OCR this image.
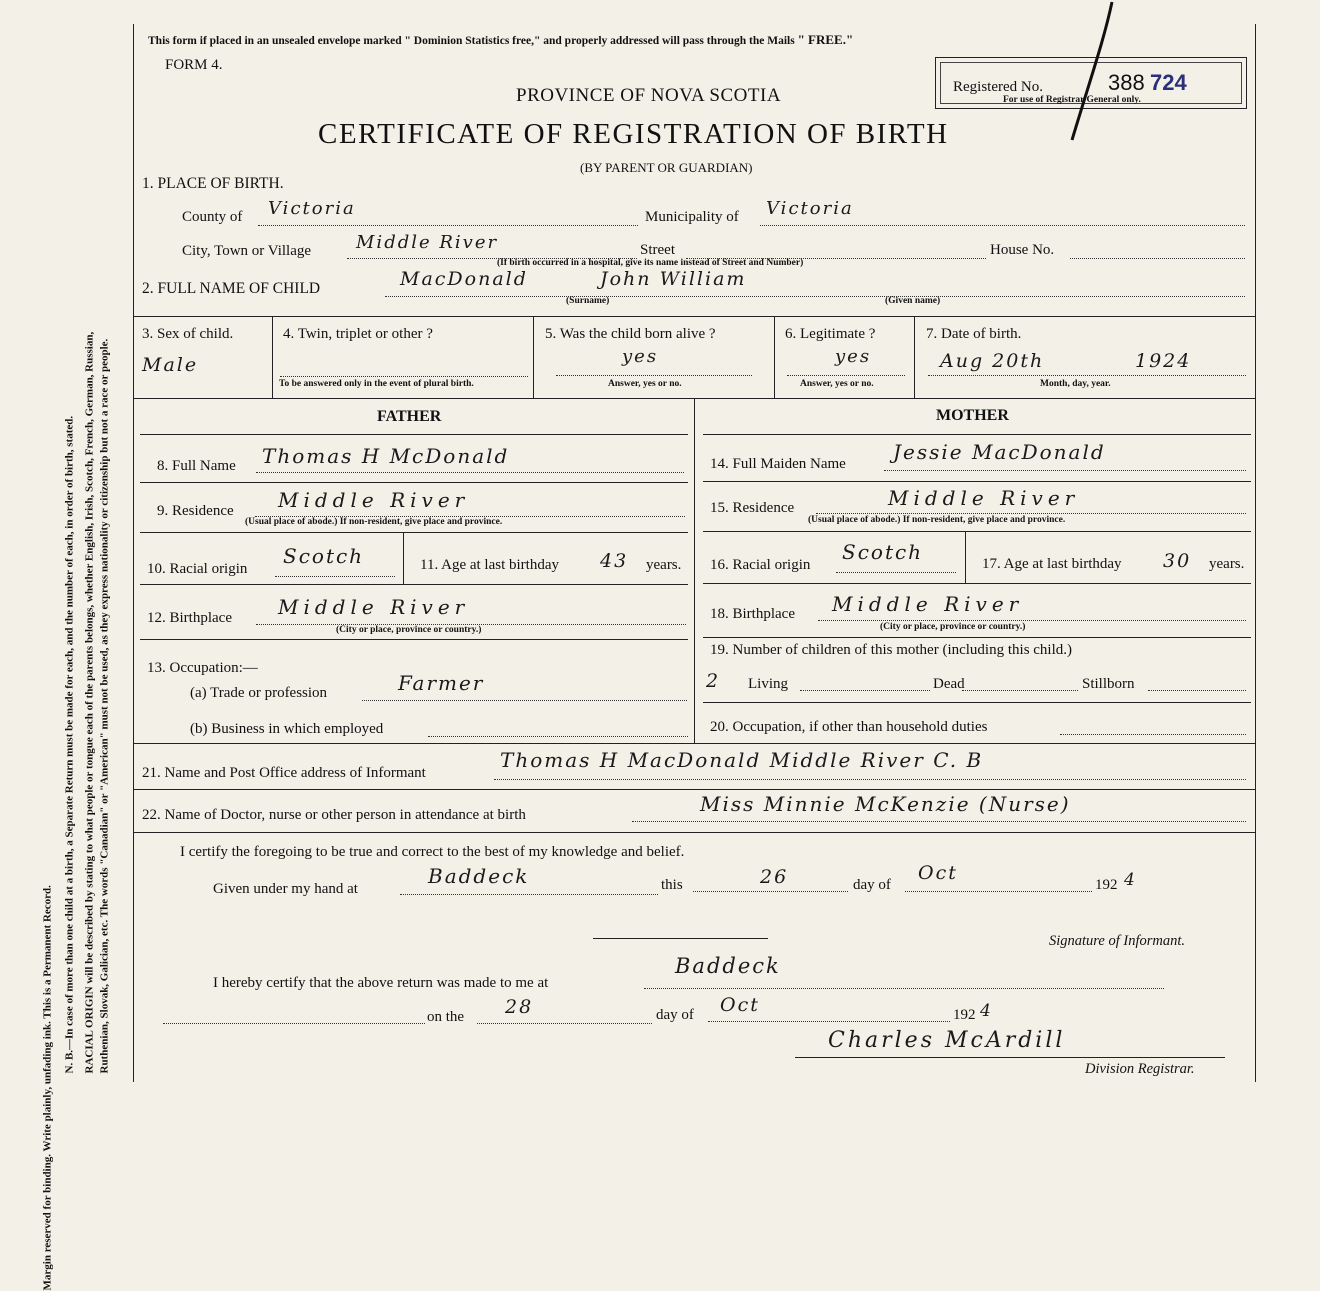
Margin reserved for binding. Write plainly, unfading ink. This is a Permanent Record.
N. B.—In case of more than one child at a birth, a Separate Return must be made for each, and the number of each, in order of birth, stated. RACIAL ORIGIN will be described by stating to what people or tongue each of the parents belongs, whether English, Irish, Scotch, French, German, Russian, Ruthenian, Slovak, Galician, etc. The words "Canadian" or "American" must not be used, as they express nationality or citizenship but not a race or people.
This form if placed in an unsealed envelope marked " Dominion Statistics free," and properly addressed will pass through the Mails " FREE."
FORM 4.
PROVINCE OF NOVA SCOTIA
CERTIFICATE OF REGISTRATION OF BIRTH
(BY PARENT OR GUARDIAN)
Registered No.
For use of Registrar General only.
388 724
1. PLACE OF BIRTH.
County of Victoria	Municipality of Victoria
City, Town or Village Middle River	Street	House No.
(If birth occurred in a hospital, give its name instead of Street and Number)
2. FULL NAME OF CHILD	MacDonald	John William
(Surname)	(Given name)
3. Sex of child.
Male
4. Twin, triplet or other ?
To be answered only in the event of plural birth.
5. Was the child born alive ?
yes
Answer, yes or no.
6. Legitimate ?
yes
Answer, yes or no.
7. Date of birth.
Aug 20th	1924
Month, day, year.
FATHER	MOTHER
8. Full Name Thomas H McDonald
9. Residence Middle River
(Usual place of abode.) If non-resident, give place and province.
10. Racial origin
Scotch	11. Age at last birthday 43 years.
12. Birthplace Middle River
(City or place, province or country.)
13. Occupation:—
(a) Trade or profession	Farmer
(b) Business in which employed
14. Full Maiden Name Jessie MacDonald
15. Residence	Middle River
(Usual place of abode.) If non-resident, give place and province.
16. Racial origin
Scotch	17. Age at last birthday 30 years.
18. Birthplace Middle River
(City or place, province or country.)
19. Number of children of this mother (including this child.)
2 Living	Dead	Stillborn
20. Occupation, if other than household duties
21. Name and Post Office address of Informant
Thomas H MacDonald Middle River C. B
22. Name of Doctor, nurse or other person in attendance at birth	Miss Minnie McKenzie (Nurse)
I certify the foregoing to be true and correct to the best of my knowledge and belief.
Given under my hand at
Baddeck	this	26	day of
Oct
192 4
Signature of Informant.
I hereby certify that the above return was made to me at
Baddeck
on the 28	day of Oct	192 4
Charles McArdill
Division Registrar.
